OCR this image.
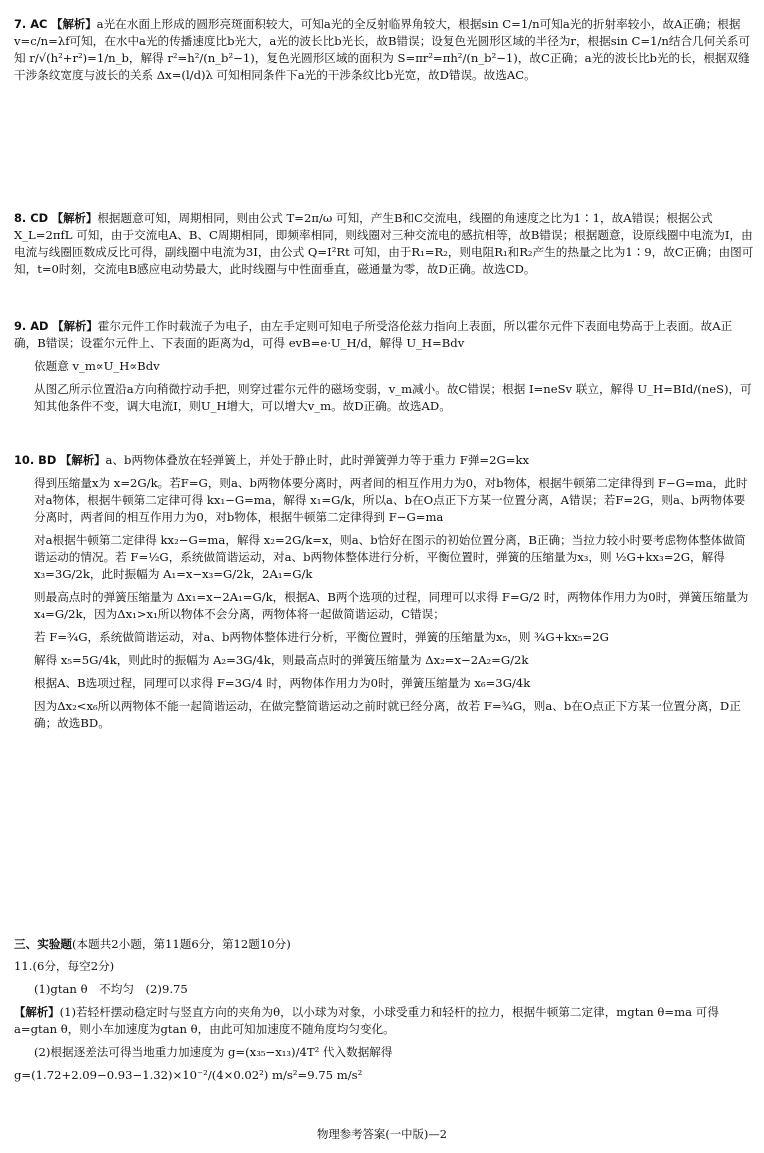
7. AC 【解析】a光在水面上形成的圆形亮斑面积较大，可知a光的全反射临界角较大，根据sin C=1/n可知a光的折射率较小，故A正确；根据v=c/n=λf可知，在水中a光的传播速度比b光大，a光的波长比b光长，故B错误；设复色光圆形区域的半径为r，根据sin C=1/n结合几何关系可知 r/√(h²+r²)=1/n_b，解得 r²=h²/(n_b²−1)，复色光圆形区域的面积为 S=πr²=πh²/(n_b²−1)，故C正确；a光的波长比b光的长，根据双缝干涉条纹宽度与波长的关系 Δx=(l/d)λ 可知相同条件下a光的干涉条纹比b光宽，故D错误。故选AC。

8. CD 【解析】根据题意可知，周期相同，则由公式 T=2π/ω 可知，产生B和C交流电，线圈的角速度之比为1∶1，故A错误；根据公式 X_L=2πfL 可知，由于交流电A、B、C周期相同，即频率相同，则线圈对三种交流电的感抗相等，故B错误；根据题意，设原线圈中电流为I，由电流与线圈匝数成反比可得，副线圈中电流为3I，由公式 Q=I²Rt 可知，由于R₁=R₂，则电阻R₁和R₂产生的热量之比为1∶9，故C正确；由图可知，t=0时刻，交流电B感应电动势最大，此时线圈与中性面垂直，磁通量为零，故D正确。故选CD。

9. AD 【解析】霍尔元件工作时载流子为电子，由左手定则可知电子所受洛伦兹力指向上表面，所以霍尔元件下表面电势高于上表面。故A正确，B错误；设霍尔元件上、下表面的距离为d，可得 evB=e·U_H/d，解得 U_H=Bdv

依题意 v_m∝U_H∝Bdv

从图乙所示位置沿a方向稍微拧动手把，则穿过霍尔元件的磁场变弱，v_m减小。故C错误；根据 I=neSv 联立，解得 U_H=BId/(neS)，可知其他条件不变，调大电流I，则U_H增大，可以增大v_m。故D正确。故选AD。

10. BD 【解析】a、b两物体叠放在轻弹簧上，并处于静止时，此时弹簧弹力等于重力 F弹=2G=kx

得到压缩量x为 x=2G/k。若F=G，则a、b两物体要分离时，两者间的相互作用力为0，对b物体，根据牛顿第二定律得到 F−G=ma，此时对a物体，根据牛顿第二定律可得 kx₁−G=ma，解得 x₁=G/k，所以a、b在O点正下方某一位置分离，A错误；若F=2G，则a、b两物体要分离时，两者间的相互作用力为0，对b物体，根据牛顿第二定律得到 F−G=ma

对a根据牛顿第二定律得 kx₂−G=ma，解得 x₂=2G/k=x，则a、b恰好在图示的初始位置分离，B正确；当拉力较小时要考虑物体整体做简谐运动的情况。若 F=½G，系统做简谐运动，对a、b两物体整体进行分析，平衡位置时，弹簧的压缩量为x₃，则 ½G+kx₃=2G，解得 x₃=3G/2k，此时振幅为 A₁=x−x₃=G/2k，2A₁=G/k

则最高点时的弹簧压缩量为 Δx₁=x−2A₁=G/k，根据A、B两个选项的过程，同理可以求得 F=G/2 时，两物体作用力为0时，弹簧压缩量为 x₄=G/2k，因为Δx₁>x₁所以物体不会分离，两物体将一起做简谐运动，C错误；

若 F=¾G，系统做简谐运动，对a、b两物体整体进行分析，平衡位置时，弹簧的压缩量为x₅，则 ¾G+kx₅=2G

解得 x₅=5G/4k，则此时的振幅为 A₂=3G/4k，则最高点时的弹簧压缩量为 Δx₂=x−2A₂=G/2k

根据A、B选项过程，同理可以求得 F=3G/4 时，两物体作用力为0时，弹簧压缩量为 x₆=3G/4k

因为Δx₂<x₆所以两物体不能一起简谐运动，在做完整简谐运动之前时就已经分离，故若 F=¾G，则a、b在O点正下方某一位置分离，D正确；故选BD。

三、实验题(本题共2小题，第11题6分，第12题10分)

11.(6分，每空2分)

(1)gtan θ　不均匀　(2)9.75

【解析】(1)若轻杆摆动稳定时与竖直方向的夹角为θ，以小球为对象，小球受重力和轻杆的拉力，根据牛顿第二定律，mgtan θ=ma 可得 a=gtan θ，则小车加速度为gtan θ，由此可知加速度不随角度均匀变化。

(2)根据逐差法可得当地重力加速度为 g=(x₃₅−x₁₃)/4T² 代入数据解得

g=(1.72+2.09−0.93−1.32)×10⁻²/(4×0.02²) m/s²=9.75 m/s²

物理参考答案(一中版)—2
